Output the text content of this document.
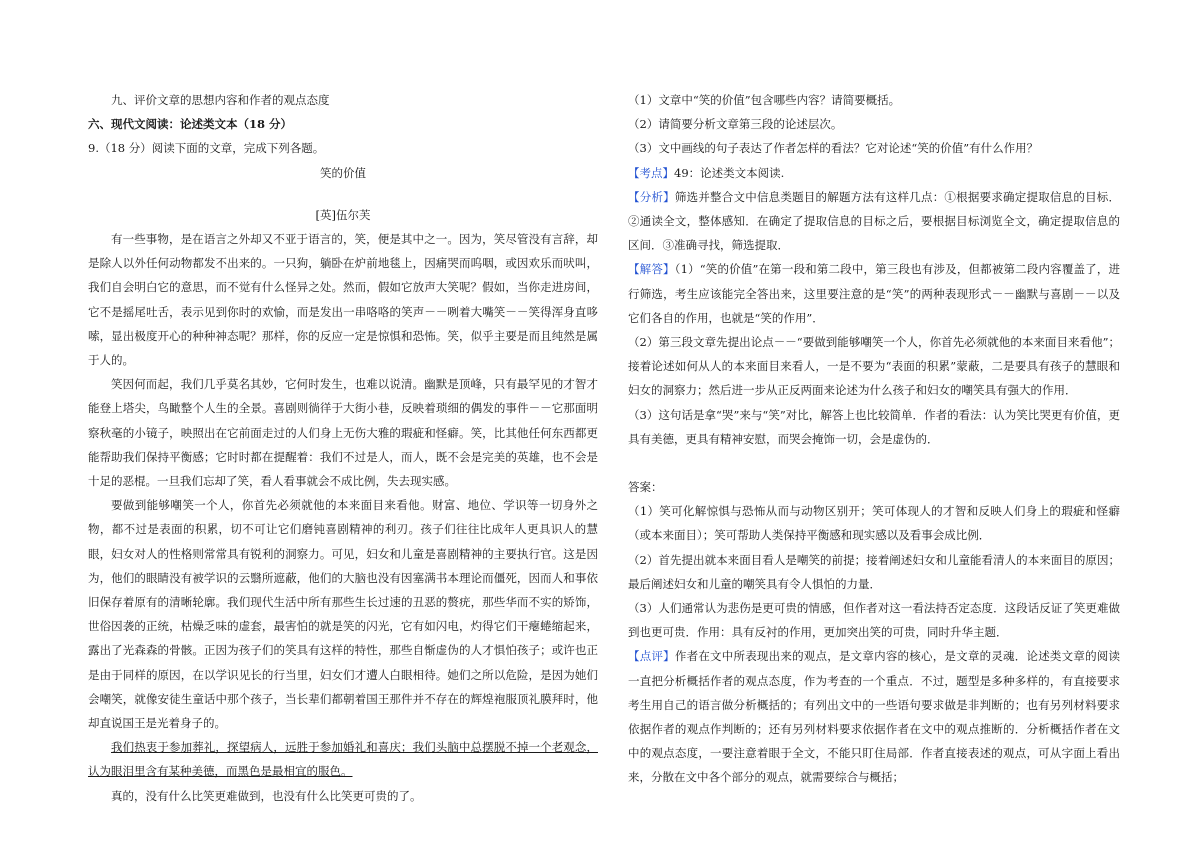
九、评价文章的思想内容和作者的观点态度

六、现代文阅读：论述类文本（18 分）

9.（18 分）阅读下面的文章，完成下列各题。

笑的价值

[英]伍尔芙

有一些事物，是在语言之外却又不亚于语言的，笑，便是其中之一。因为，笑尽管没有言辞，却是除人以外任何动物都发不出来的。一只狗，躺卧在炉前地毯上，因痛哭而呜咽，或因欢乐而吠叫，我们自会明白它的意思，而不觉有什么怪异之处。然而，假如它放声大笑呢？假如，当你走进房间，它不是摇尾吐舌，表示见到你时的欢愉，而是发出一串咯咯的笑声－－咧着大嘴笑－－笑得浑身直哆嗦，显出极度开心的种种神态呢？那样，你的反应一定是惊惧和恐怖。笑，似乎主要是而且纯然是属于人的。

笑因何而起，我们几乎莫名其妙，它何时发生，也难以说清。幽默是顶峰，只有最罕见的才智才能登上塔尖，鸟瞰整个人生的全景。喜剧则徜徉于大街小巷，反映着琐细的偶发的事件－－它那面明察秋毫的小镜子，映照出在它前面走过的人们身上无伤大雅的瑕疵和怪癖。笑，比其他任何东西都更能帮助我们保持平衡感；它时时都在提醒着：我们不过是人，而人，既不会是完美的英雄，也不会是十足的恶棍。一旦我们忘却了笑，看人看事就会不成比例，失去现实感。

要做到能够嘲笑一个人，你首先必须就他的本来面目来看他。财富、地位、学识等一切身外之物，都不过是表面的积累，切不可让它们磨钝喜剧精神的利刃。孩子们往往比成年人更具识人的慧眼，妇女对人的性格则常常具有锐利的洞察力。可见，妇女和儿童是喜剧精神的主要执行官。这是因为，他们的眼睛没有被学识的云翳所遮蔽，他们的大脑也没有因塞满书本理论而僵死，因而人和事依旧保存着原有的清晰轮廓。我们现代生活中所有那些生长过速的丑恶的赘疣，那些华而不实的矫饰，世俗因袭的正统，枯燥乏味的虚套，最害怕的就是笑的闪光，它有如闪电，灼得它们干瘪蜷缩起来，露出了光森森的骨骸。正因为孩子们的笑具有这样的特性，那些自惭虚伪的人才惧怕孩子；或许也正是由于同样的原因，在以学识见长的行当里，妇女们才遭人白眼相待。她们之所以危险，是因为她们会嘲笑，就像安徒生童话中那个孩子，当长辈们都朝着国王那件并不存在的辉煌袍服顶礼膜拜时，他却直说国王是光着身子的。

我们热衷于参加葬礼，探望病人，远胜于参加婚礼和喜庆；我们头脑中总摆脱不掉一个老观念，认为眼泪里含有某种美德，而黑色是最相宜的服色。

真的，没有什么比笑更难做到，也没有什么比笑更可贵的了。

（1）文章中“笑的价值”包含哪些内容？请简要概括。

（2）请简要分析文章第三段的论述层次。

（3）文中画线的句子表达了作者怎样的看法？它对论述“笑的价值”有什么作用？

【考点】49：论述类文本阅读.

【分析】筛选并整合文中信息类题目的解题方法有这样几点：①根据要求确定提取信息的目标．②通读全文，整体感知．在确定了提取信息的目标之后，要根据目标浏览全文，确定提取信息的区间．③准确寻找，筛选提取．

【解答】（1）“笑的价值”在第一段和第二段中，第三段也有涉及，但都被第二段内容覆盖了，进行筛选，考生应该能完全答出来，这里要注意的是“笑”的两种表现形式－－幽默与喜剧－－以及它们各自的作用，也就是“笑的作用”．

（2）第三段文章先提出论点－－“要做到能够嘲笑一个人，你首先必须就他的本来面目来看他”；接着论述如何从人的本来面目来看人，一是不要为“表面的积累”蒙蔽，二是要具有孩子的慧眼和妇女的洞察力；然后进一步从正反两面来论述为什么孩子和妇女的嘲笑具有强大的作用．

（3）这句话是拿“哭”来与“笑”对比，解答上也比较简单．作者的看法：认为笑比哭更有价值，更具有美德，更具有精神安慰，而哭会掩饰一切，会是虚伪的．

答案：

（1）笑可化解惊惧与恐怖从而与动物区别开；笑可体现人的才智和反映人们身上的瑕疵和怪癖（或本来面目）；笑可帮助人类保持平衡感和现实感以及看事会成比例．

（2）首先提出就本来面目看人是嘲笑的前提；接着阐述妇女和儿童能看清人的本来面目的原因；最后阐述妇女和儿童的嘲笑具有令人惧怕的力量．

（3）人们通常认为悲伤是更可贵的情感，但作者对这一看法持否定态度．这段话反证了笑更难做到也更可贵．作用：具有反衬的作用，更加突出笑的可贵，同时升华主题．

【点评】作者在文中所表现出来的观点，是文章内容的核心，是文章的灵魂．论述类文章的阅读一直把分析概括作者的观点态度，作为考查的一个重点．不过，题型是多种多样的，有直接要求考生用自己的语言做分析概括的；有列出文中的一些语句要求做是非判断的；也有另列材料要求依据作者的观点作判断的；还有另列材料要求依据作者在文中的观点推断的．分析概括作者在文中的观点态度，一要注意着眼于全文，不能只盯住局部．作者直接表述的观点，可从字面上看出来，分散在文中各个部分的观点，就需要综合与概括；
